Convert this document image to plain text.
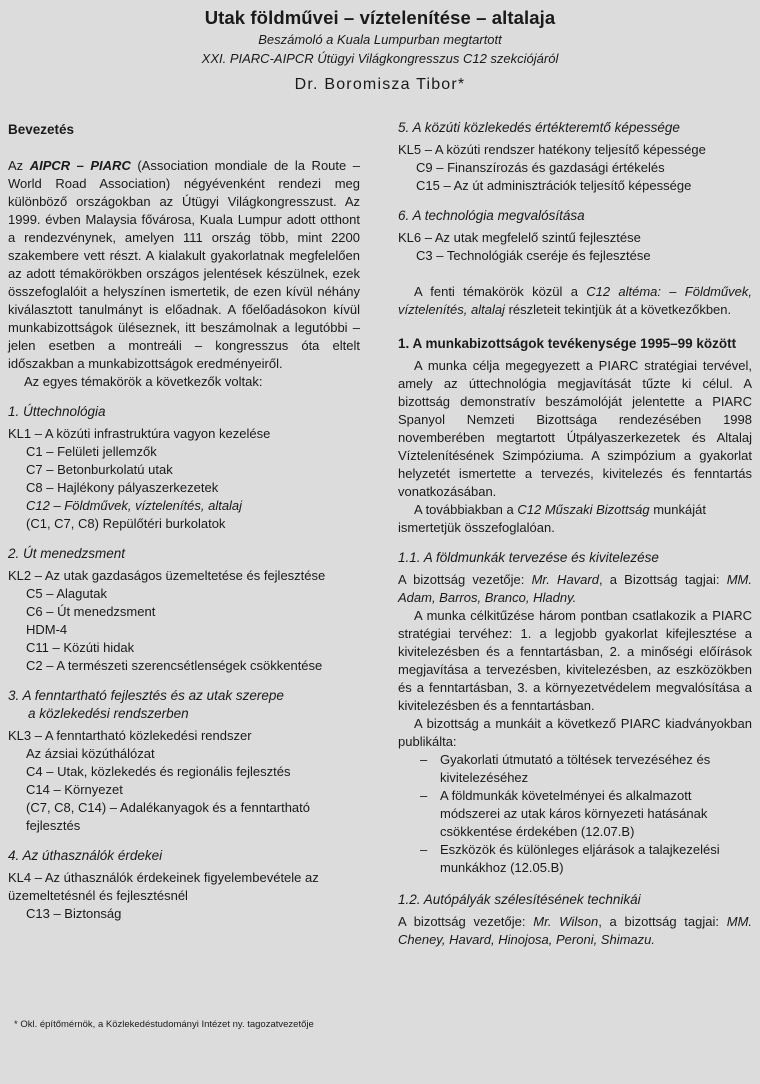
Utak földművei – víztelenítése – altalaja
Beszámoló a Kuala Lumpurban megtartott
XXI. PIARC-AIPCR Útügyi Világkongresszus C12 szekciójáról
Dr. Boromisza Tibor*

Bevezetés

Az AIPCR – PIARC (Association mondiale de la Route – World Road Association) négyévenként rendezi meg különböző országokban az Útügyi Világkongresszust. Az 1999. évben Malaysia fővárosa, Kuala Lumpur adott otthont a rendezvénynek, amelyen 111 ország több, mint 2200 szakembere vett részt. A kialakult gyakorlatnak megfelelően az adott témakörökben országos jelentések készülnek, ezek összefoglalóit a helyszínen ismertetik, de ezen kívül néhány kiválasztott tanulmányt is előadnak. A főelőadásokon kívül munkabizottságok üléseznek, itt beszámolnak a legutóbbi – jelen esetben a montreáli – kongresszus óta eltelt időszakban a munkabizottságok eredményeiről.

Az egyes témakörök a következők voltak:

1. Úttechnológia

KL1 – A közúti infrastruktúra vagyon kezelése

C1 – Felületi jellemzők

C7 – Betonburkolatú utak

C8 – Hajlékony pályaszerkezetek

C12 – Földművek, víztelenítés, altalaj

(C1, C7, C8) Repülőtéri burkolatok

2. Út menedzsment

KL2 – Az utak gazdaságos üzemeltetése és fejlesztése

C5 – Alagutak

C6 – Út menedzsment

HDM-4

C11 – Közúti hidak

C2 – A természeti szerencsétlenségek csökkentése

3. A fenntartható fejlesztés és az utak szerepe

a közlekedési rendszerben

KL3 – A fenntartható közlekedési rendszer

Az ázsiai közúthálózat

C4 – Utak, közlekedés és regionális fejlesztés

C14 – Környezet

(C7, C8, C14) – Adalékanyagok és a fenntartható fejlesztés

4. Az úthasználók érdekei

KL4 – Az úthasználók érdekeinek figyelembevétele az üzemeltetésnél és fejlesztésnél

C13 – Biztonság

5. A közúti közlekedés értékteremtő képessége

KL5 – A közúti rendszer hatékony teljesítő képessége

C9 – Finanszírozás és gazdasági értékelés

C15 – Az út adminisztrációk teljesítő képessége

6. A technológia megvalósítása

KL6 – Az utak megfelelő szintű fejlesztése

C3 – Technológiák cseréje és fejlesztése

A fenti témakörök közül a C12 altéma: – Földművek, víztelenítés, altalaj részleteit tekintjük át a következőkben.

1. A munkabizottságok tevékenysége 1995–99 között

A munka célja megegyezett a PIARC stratégiai tervével, amely az úttechnológia megjavítását tűzte ki célul. A bizottság demonstratív beszámolóját jelentette a PIARC Spanyol Nemzeti Bizottsága rendezésében 1998 novemberében megtartott Útpályaszerkezetek és Altalaj Víztelenítésének Szimpóziuma. A szimpózium a gyakorlat helyzetét ismertette a tervezés, kivitelezés és fenntartás vonatkozásában.

A továbbiakban a C12 Műszaki Bizottság munkáját ismertetjük összefoglalóan.

1.1. A földmunkák tervezése és kivitelezése

A bizottság vezetője: Mr. Havard, a Bizottság tagjai: MM. Adam, Barros, Branco, Hladny.

A munka célkitűzése három pontban csatlakozik a PIARC stratégiai tervéhez: 1. a legjobb gyakorlat kifejlesztése a kivitelezésben és a fenntartásban, 2. a minőségi előírások megjavítása a tervezésben, kivitelezésben, az eszközökben és a fenntartásban, 3. a környezetvédelem megvalósítása a kivitelezésben és a fenntartásban.

A bizottság a munkáit a következő PIARC kiadványokban publikálta:

– Gyakorlati útmutató a töltések tervezéséhez és kivitelezéséhez
– A földmunkák követelményei és alkalmazott módszerei az utak káros környezeti hatásának csökkentése érdekében (12.07.B)
– Eszközök és különleges eljárások a talajkezelési munkákhoz (12.05.B)

1.2. Autópályák szélesítésének technikái

A bizottság vezetője: Mr. Wilson, a bizottság tagjai: MM. Cheney, Havard, Hinojosa, Peroni, Shimazu.

* Okl. építőmérnök, a Közlekedéstudományi Intézet ny. tagozatvezetője
